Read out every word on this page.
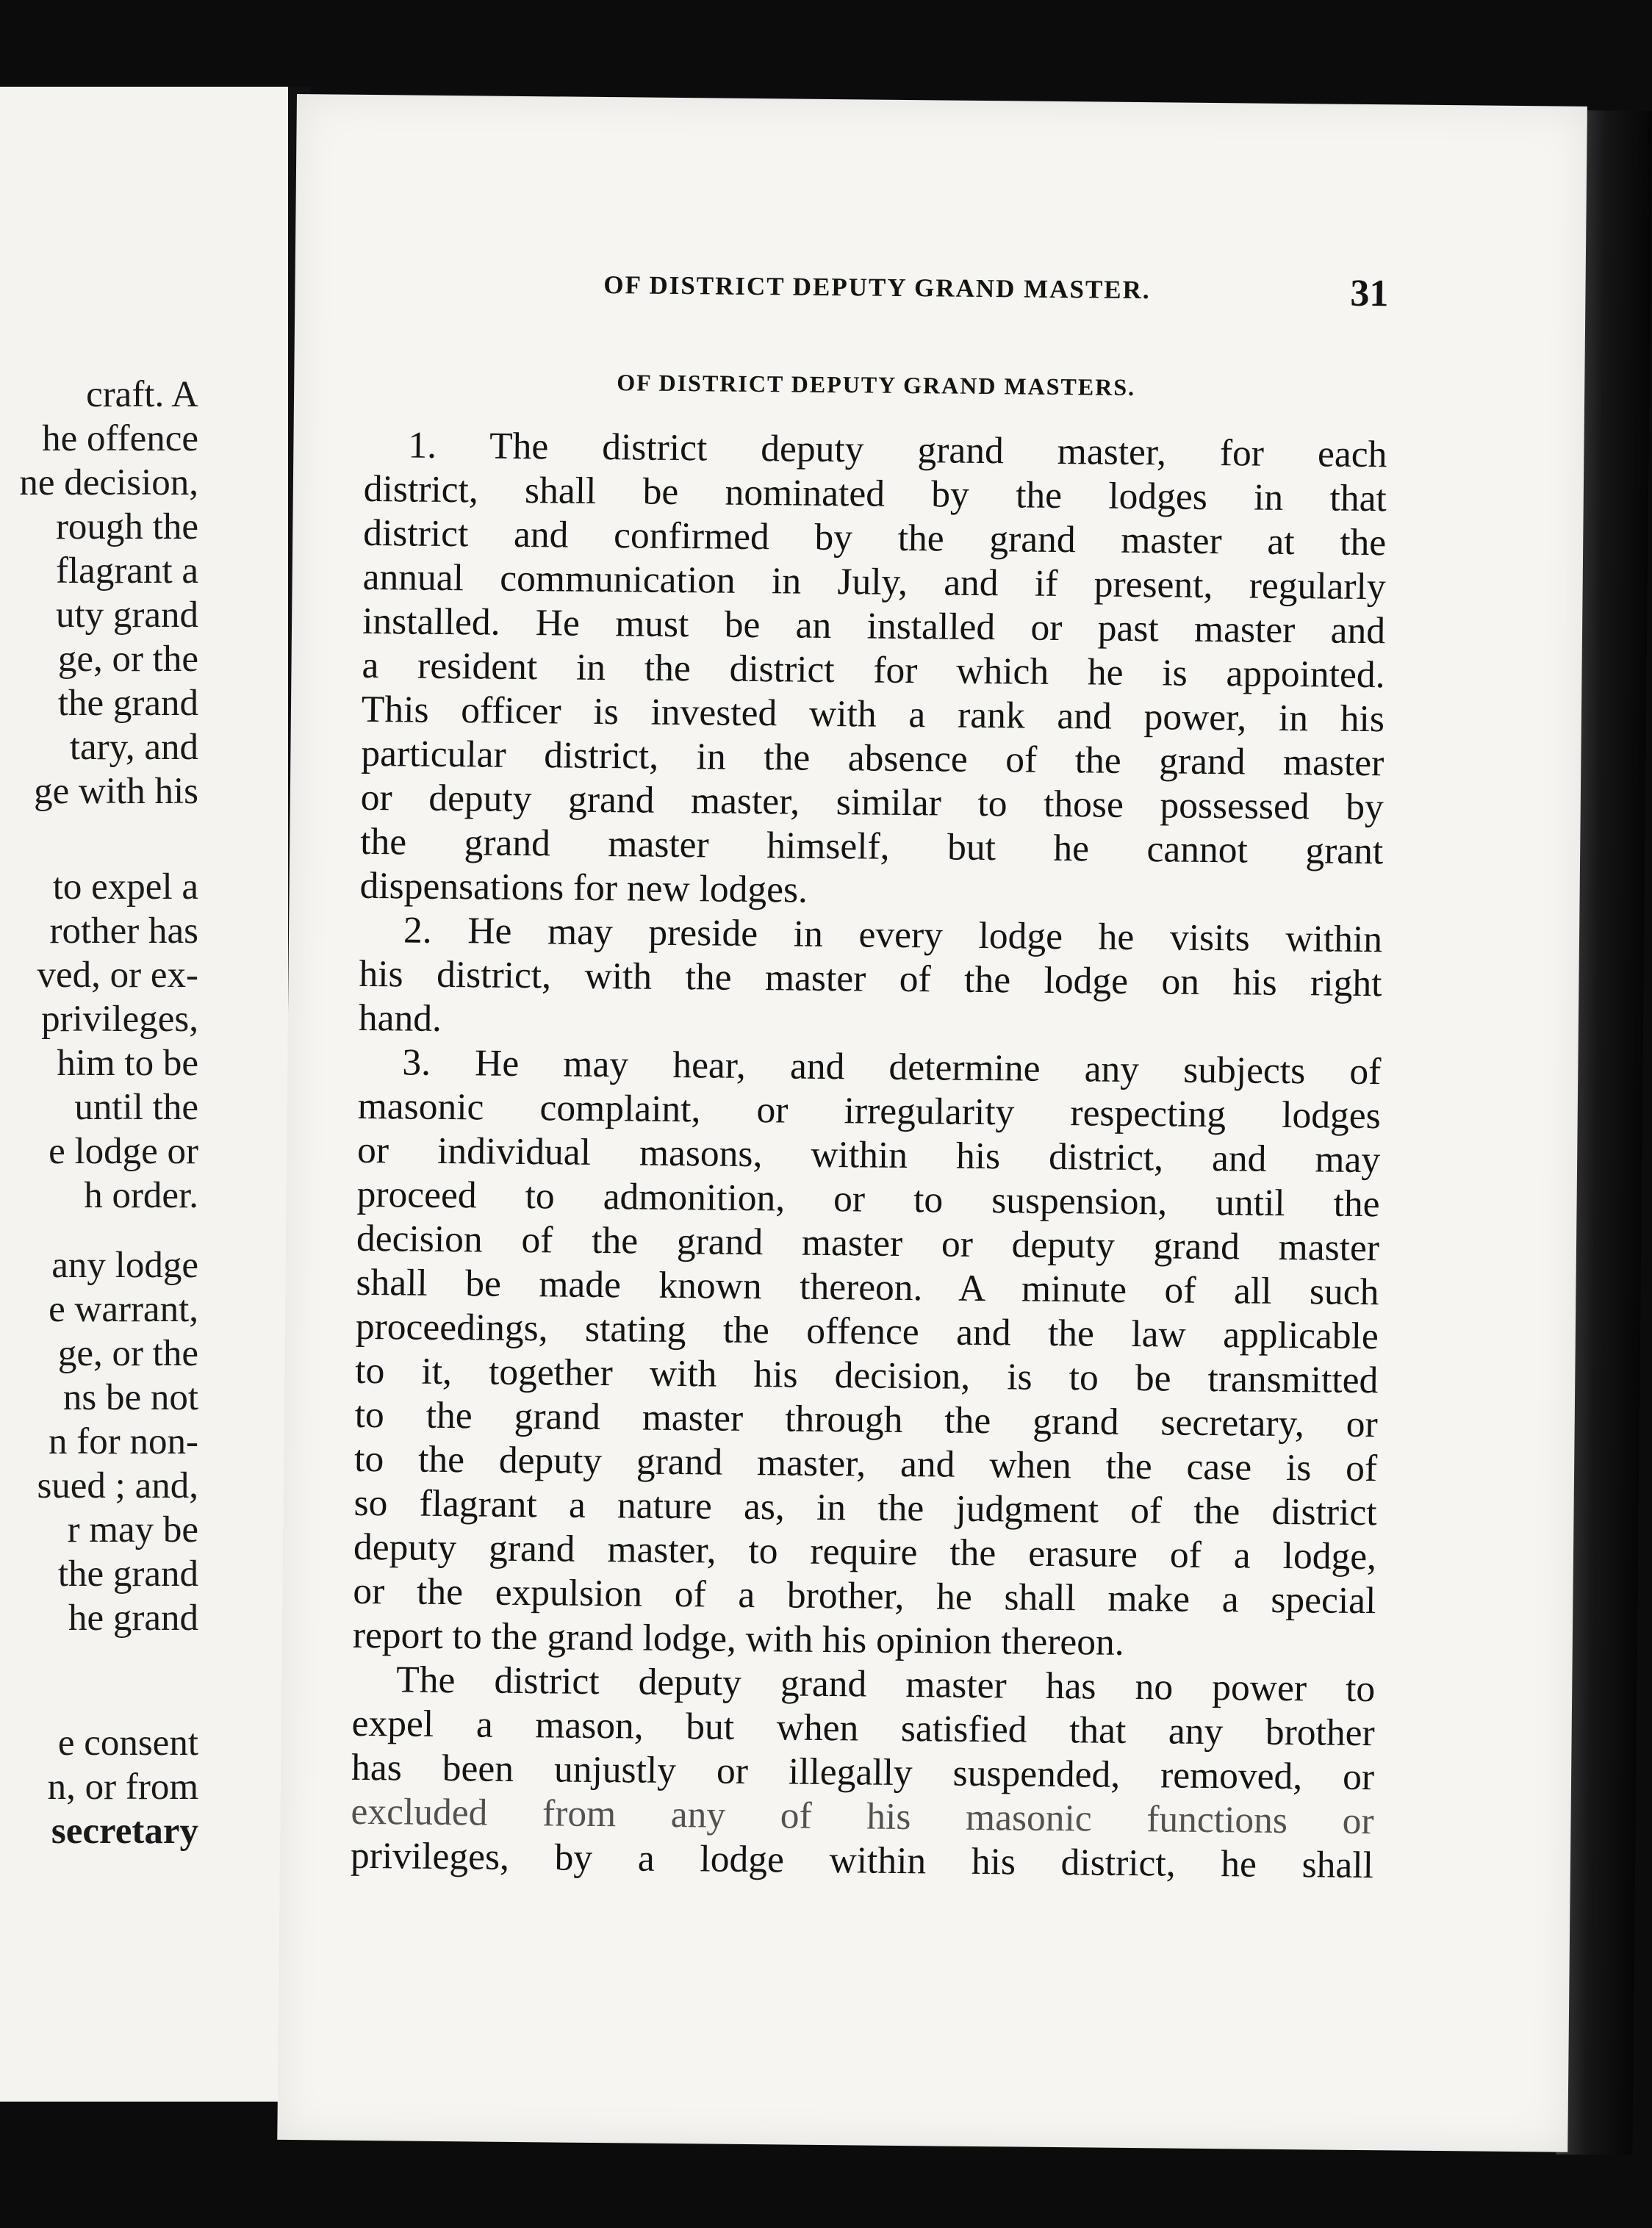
craft. A
he offence
ne decision,
rough the
flagrant a
uty grand
ge, or the
the grand
tary, and
ge with his
to expel a
rother has
ved, or ex-
privileges,
him to be
until the
e lodge or
h order.
any lodge
e warrant,
ge, or the
ns be not
n for non-
sued ; and,
r may be
the grand
he grand
e consent
n, or from
secretary
OF DISTRICT DEPUTY GRAND MASTER.	31
OF DISTRICT DEPUTY GRAND MASTERS.
1. The district deputy grand master, for each
district, shall be nominated by the lodges in that
district and confirmed by the grand master at the
annual communication in July, and if present, regularly
installed. He must be an installed or past master and
a resident in the district for which he is appointed.
This officer is invested with a rank and power, in his
particular district, in the absence of the grand master
or deputy grand master, similar to those possessed by
the grand master himself, but he cannot grant
dispensations for new lodges.
2. He may preside in every lodge he visits within
his district, with the master of the lodge on his right
hand.
3. He may hear, and determine any subjects of
masonic complaint, or irregularity respecting lodges
or individual masons, within his district, and may
proceed to admonition, or to suspension, until the
decision of the grand master or deputy grand master
shall be made known thereon. A minute of all such
proceedings, stating the offence and the law applicable
to it, together with his decision, is to be transmitted
to the grand master through the grand secretary, or
to the deputy grand master, and when the case is of
so flagrant a nature as, in the judgment of the district
deputy grand master, to require the erasure of a lodge,
or the expulsion of a brother, he shall make a special
report to the grand lodge, with his opinion thereon.
The district deputy grand master has no power to
expel a mason, but when satisfied that any brother
has been unjustly or illegally suspended, removed, or
excluded from any of his masonic functions or
privileges, by a lodge within his district, he shall
